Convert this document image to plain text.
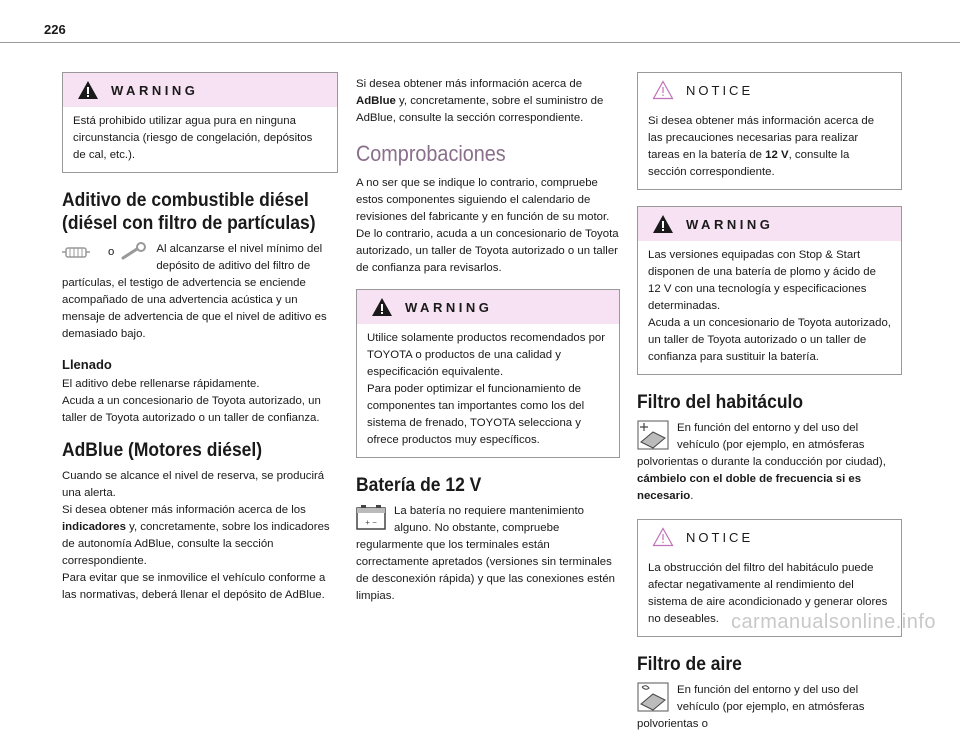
226
WARNING
Está prohibido utilizar agua pura en ninguna circunstancia (riesgo de congelación, depósitos de cal, etc.).
Aditivo de combustible diésel (diésel con filtro de partículas)
o	Al alcanzarse el nivel mínimo del depósito de aditivo del filtro de

partículas, el testigo de advertencia se enciende acompañado de una advertencia acústica y un mensaje de advertencia de que el nivel de aditivo es demasiado bajo.

Llenado

El aditivo debe rellenarse rápidamente.

Acuda a un concesionario de Toyota autorizado, un taller de Toyota autorizado o un taller de confianza.

AdBlue (Motores diésel)

Cuando se alcance el nivel de reserva, se producirá una alerta.

Si desea obtener más información acerca de los indicadores y, concretamente, sobre los indicadores de autonomía AdBlue, consulte la sección correspondiente.

Para evitar que se inmovilice el vehículo conforme a las normativas, deberá llenar el depósito de AdBlue.

Si desea obtener más información acerca de AdBlue y, concretamente, sobre el suministro de AdBlue, consulte la sección correspondiente.

Comprobaciones

A no ser que se indique lo contrario, compruebe estos componentes siguiendo el calendario de revisiones del fabricante y en función de su motor.

De lo contrario, acuda a un concesionario de Toyota autorizado, un taller de Toyota autorizado o un taller de confianza para revisarlos.

WARNING
Utilice solamente productos recomendados por TOYOTA o productos de una calidad y especificación equivalente.
Para poder optimizar el funcionamiento de componentes tan importantes como los del sistema de frenado, TOYOTA selecciona y ofrece productos muy específicos.
Batería de 12 V
+ −

La batería no requiere mantenimiento alguno. No obstante, compruebe regularmente que los terminales están correctamente apretados (versiones sin terminales de desconexión rápida) y que las conexiones estén limpias.

NOTICE
Si desea obtener más información acerca de las precauciones necesarias para realizar tareas en la batería de 12 V, consulte la sección correspondiente.
WARNING
Las versiones equipadas con Stop & Start disponen de una batería de plomo y ácido de 12 V con una tecnología y especificaciones determinadas.
Acuda a un concesionario de Toyota autorizado, un taller de Toyota autorizado o un taller de confianza para sustituir la batería.
Filtro del habitáculo

En función del entorno y del uso del vehículo (por ejemplo, en atmósferas polvorientas o durante la conducción por ciudad), cámbielo con el doble de frecuencia si es necesario.

NOTICE
La obstrucción del filtro del habitáculo puede afectar negativamente al rendimiento del sistema de aire acondicionado y generar olores no deseables.
Filtro de aire

En función del entorno y del uso del vehículo (por ejemplo, en atmósferas polvorientas o

carmanualsonline.info
